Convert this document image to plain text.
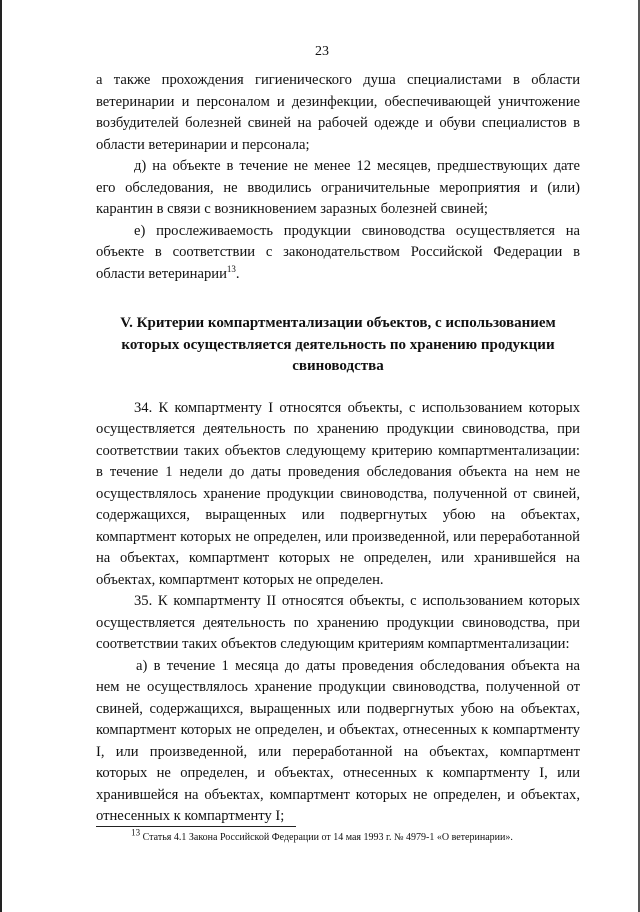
23

а также прохождения гигиенического душа специалистами в области ветеринарии и персоналом и дезинфекции, обеспечивающей уничтожение возбудителей болезней свиней на рабочей одежде и обуви специалистов в области ветеринарии и персонала;

д) на объекте в течение не менее 12 месяцев, предшествующих дате его обследования, не вводились ограничительные мероприятия и (или) карантин в связи с возникновением заразных болезней свиней;

е) прослеживаемость продукции свиноводства осуществляется на объекте в соответствии с законодательством Российской Федерации в области ветеринарии$^{13}$.

V. Критерии компартментализации объектов, с использованием которых осуществляется деятельность по хранению продукции свиноводства

34. К компартменту I относятся объекты, с использованием которых осуществляется деятельность по хранению продукции свиноводства, при соответствии таких объектов следующему критерию компартментализации: в течение 1 недели до даты проведения обследования объекта на нем не осуществлялось хранение продукции свиноводства, полученной от свиней, содержащихся, выращенных или подвергнутых убою на объектах, компартмент которых не определен, или произведенной, или переработанной на объектах, компартмент которых не определен, или хранившейся на объектах, компартмент которых не определен.

35. К компартменту II относятся объекты, с использованием которых осуществляется деятельность по хранению продукции свиноводства, при соответствии таких объектов следующим критериям компартментализации:

а) в течение 1 месяца до даты проведения обследования объекта на нем не осуществлялось хранение продукции свиноводства, полученной от свиней, содержащихся, выращенных или подвергнутых убою на объектах, компартмент которых не определен, и объектах, отнесенных к компартменту I, или произведенной, или переработанной на объектах, компартмент которых не определен, и объектах, отнесенных к компартменту I, или хранившейся на объектах, компартмент которых не определен, и объектах, отнесенных к компартменту I;

$^{13}$ Статья 4.1 Закона Российской Федерации от 14 мая 1993 г. № 4979-1 «О ветеринарии».
